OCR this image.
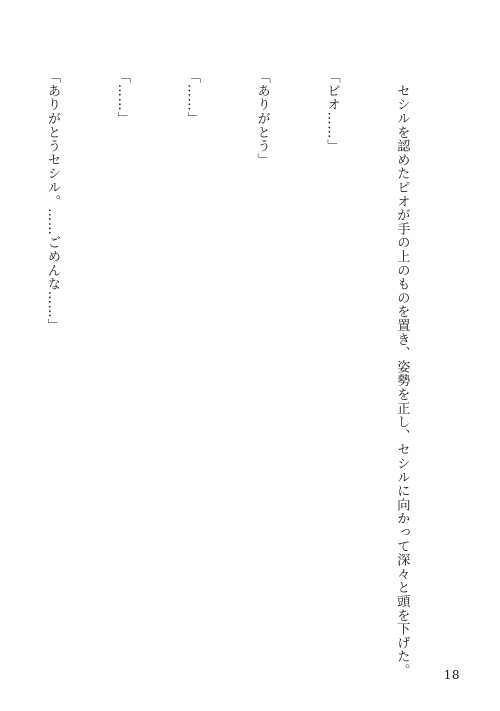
　セシルを認めたピオが手の上のものを置き、姿勢を正し、セシルに向かって深々と頭を下げた。

「ピオ……」

「ありがとう」

「……」

「……」

「ありがとうセシル。……ごめんな……」

18
